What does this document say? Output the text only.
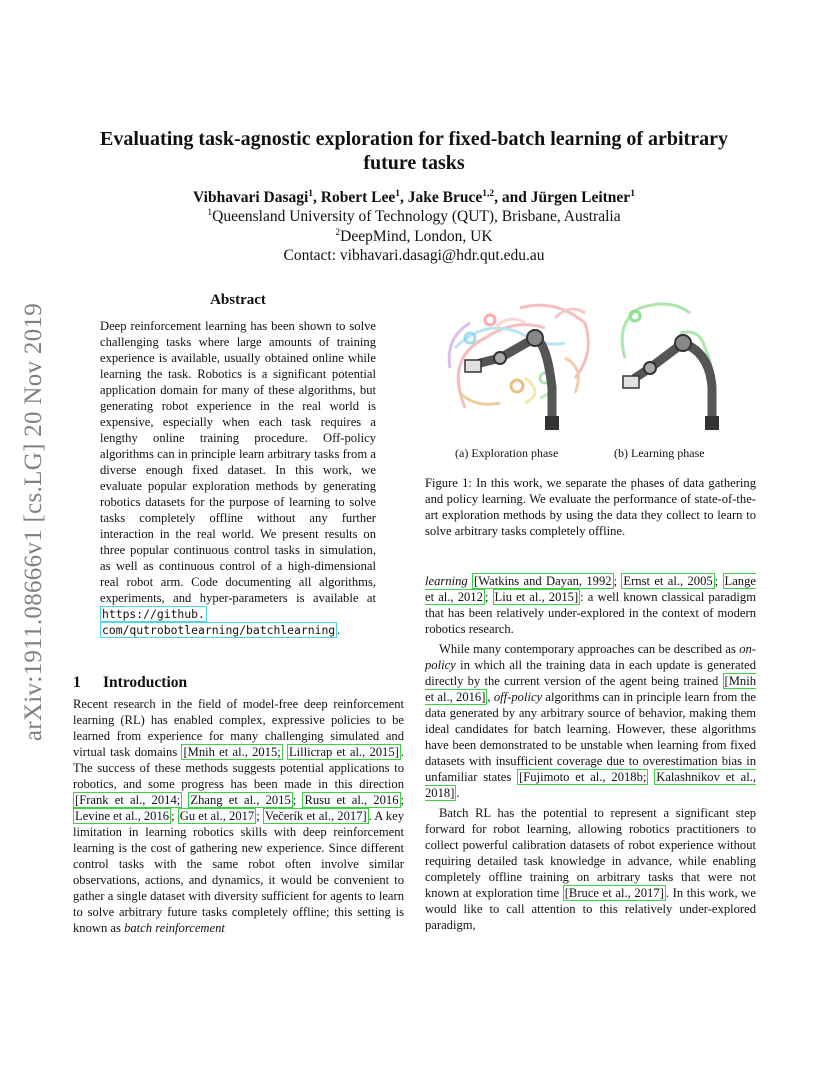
arXiv:1911.08666v1 [cs.LG] 20 Nov 2019
Evaluating task-agnostic exploration for fixed-batch learning of arbitrary future tasks
Vibhavari Dasagi$^1$, Robert Lee$^1$, Jake Bruce$^{1,2}$, and Jürgen Leitner$^1$
$^1$Queensland University of Technology (QUT), Brisbane, Australia
$^2$DeepMind, London, UK
Contact: vibhavari.dasagi@hdr.qut.edu.au
Abstract
Deep reinforcement learning has been shown to solve challenging tasks where large amounts of training experience is available, usually obtained online while learning the task. Robotics is a significant potential application domain for many of these algorithms, but generating robot experience in the real world is expensive, especially when each task requires a lengthy online training procedure. Off-policy algorithms can in principle learn arbitrary tasks from a diverse enough fixed dataset. In this work, we evaluate popular exploration methods by generating robotics datasets for the purpose of learning to solve tasks completely offline without any further interaction in the real world. We present results on three popular continuous control tasks in simulation, as well as continuous control of a high-dimensional real robot arm. Code documenting all algorithms, experiments, and hyper-parameters is available at https://github. com/qutrobotlearning/batchlearning .
(a) Exploration phase	(b) Learning phase
Figure 1: In this work, we separate the phases of data gathering and policy learning. We evaluate the performance of state-of-the-art exploration methods by using the data they collect to learn to solve arbitrary tasks completely offline.
1 Introduction
Recent research in the field of model-free deep reinforcement learning (RL) has enabled complex, expressive policies to be learned from experience for many challenging simulated and virtual task domains [Mnih et al., 2015; Lillicrap et al., 2015] . The success of these methods suggests potential applications to robotics, and some progress has been made in this direction [Frank et al., 2014; Zhang et al., 2015 ; Rusu et al., 2016 ; Levine et al., 2016 ; Gu et al., 2017 ; Večerík et al., 2017] . A key limitation in learning robotics skills with deep reinforcement learning is the cost of gathering new experience. Since different control tasks with the same robot often involve similar observations, actions, and dynamics, it would be convenient to gather a single dataset with diversity sufficient for agents to learn to solve arbitrary future tasks completely offline; this setting is known as batch reinforcement

learning [Watkins and Dayan, 1992 ; Ernst et al., 2005 ; Lange et al., 2012 ; Liu et al., 2015] : a well known classical paradigm that has been relatively under-explored in the context of modern robotics research.

While many contemporary approaches can be described as on-policy in which all the training data in each update is generated directly by the current version of the agent being trained [Mnih et al., 2016] , off-policy algorithms can in principle learn from the data generated by any arbitrary source of behavior, making them ideal candidates for batch learning. However, these algorithms have been demonstrated to be unstable when learning from fixed datasets with insufficient coverage due to overestimation bias in unfamiliar states [Fujimoto et al., 2018b; Kalashnikov et al., 2018] .

Batch RL has the potential to represent a significant step forward for robot learning, allowing robotics practitioners to collect powerful calibration datasets of robot experience without requiring detailed task knowledge in advance, while enabling completely offline training on arbitrary tasks that were not known at exploration time [Bruce et al., 2017] . In this work, we would like to call attention to this relatively under-explored paradigm,
